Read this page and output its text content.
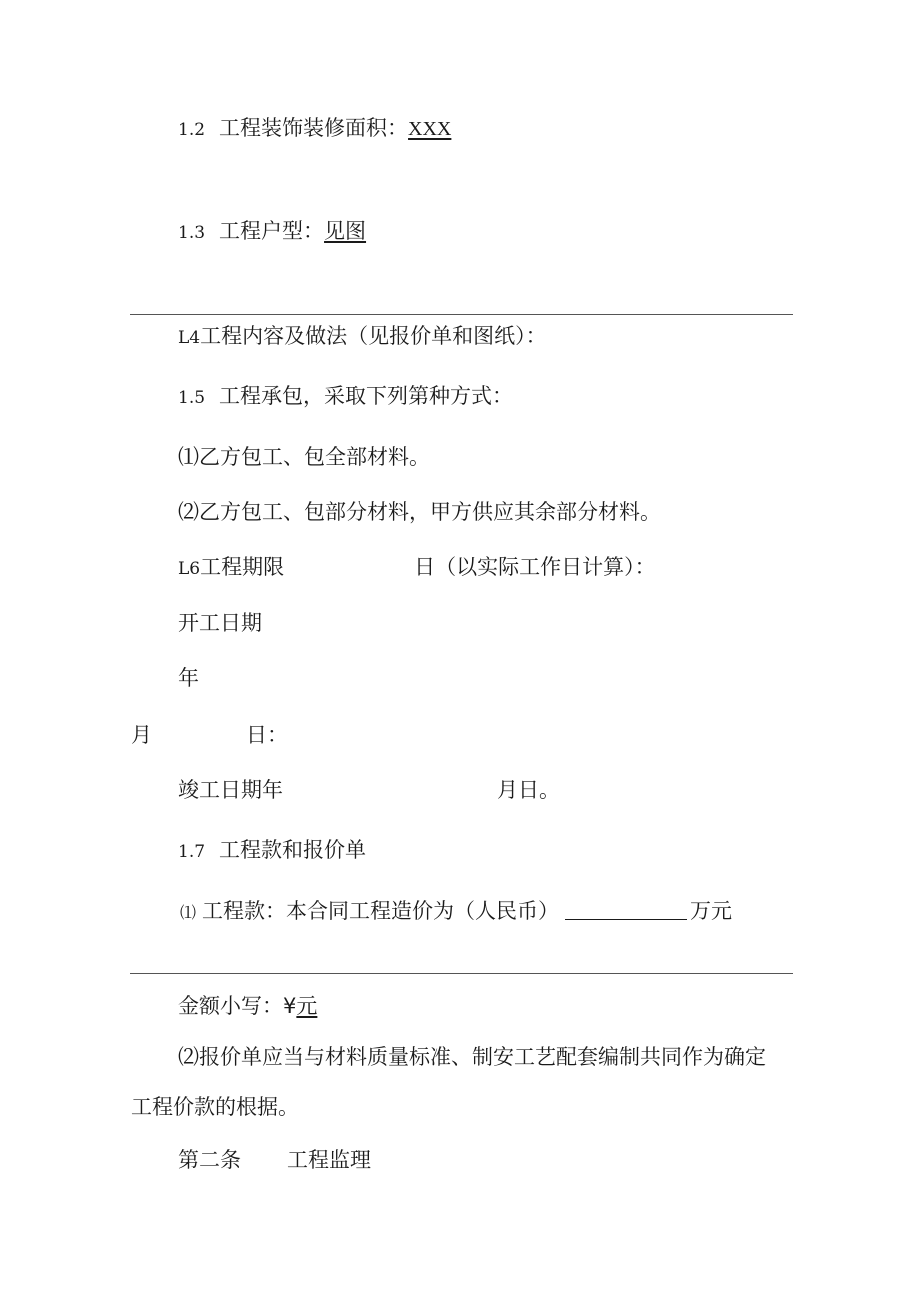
1.2 工程装饰装修面积：XXX
1.3 工程户型：见图
L4工程内容及做法（见报价单和图纸）：
1.5 工程承包，采取下列第种方式：
⑴乙方包工、包全部材料。
⑵乙方包工、包部分材料，甲方供应其余部分材料。
L6工程期限	日（以实际工作日计算）：
开工日期
年
月	日：
竣工日期年	月日。
1.7 工程款和报价单
⑴ 工程款：本合同工程造价为（人民币）	万元
金额小写：¥元
⑵报价单应当与材料质量标准、制安工艺配套编制共同作为确定
工程价款的根据。
第二条 工程监理
